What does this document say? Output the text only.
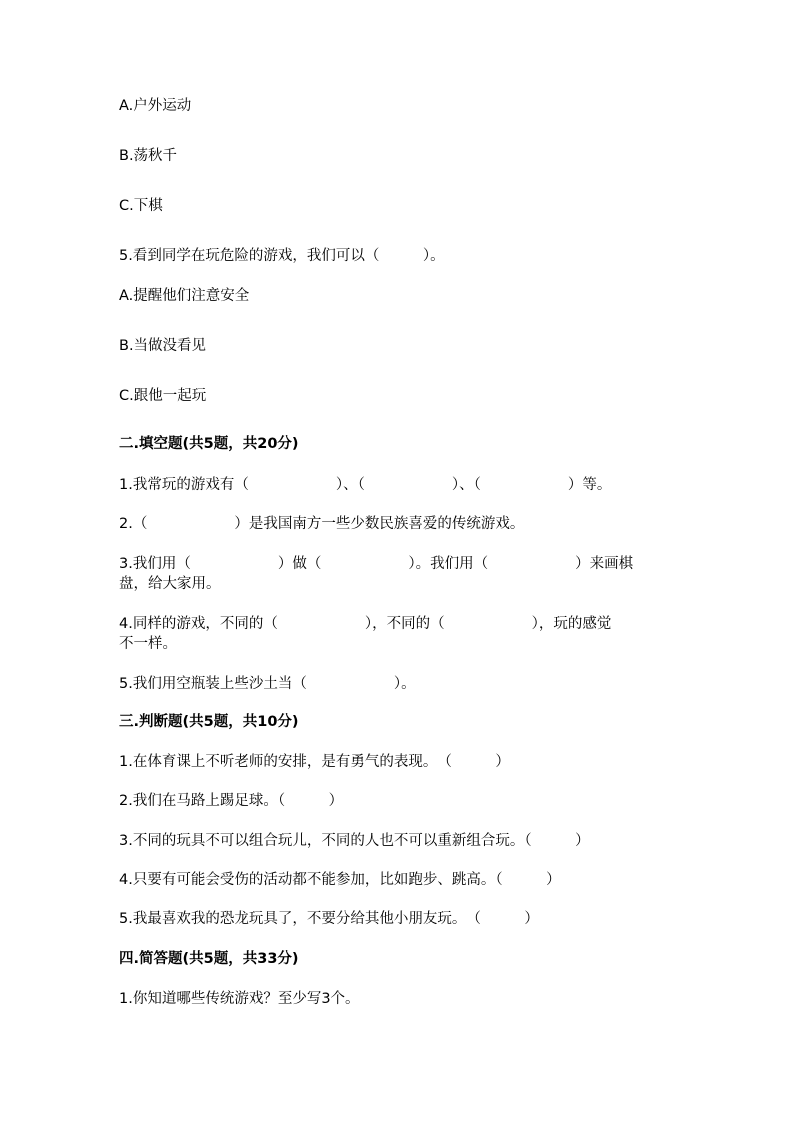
A.户外运动
B.荡秋千
C.下棋
5.看到同学在玩危险的游戏，我们可以（　　　）。
A.提醒他们注意安全
B.当做没看见
C.跟他一起玩
二.填空题(共5题，共20分)
1.我常玩的游戏有（　　　　　　）、（　　　　　　）、（　　　　　　）等。
2.（　　　　　　）是我国南方一些少数民族喜爱的传统游戏。
3.我们用（　　　　　　）做（　　　　　　）。我们用（　　　　　　）来画棋
盘，给大家用。
4.同样的游戏，不同的（　　　　　　），不同的（　　　　　　），玩的感觉
不一样。
5.我们用空瓶装上些沙土当（　　　　　　）。
三.判断题(共5题，共10分)
1.在体育课上不听老师的安排，是有勇气的表现。　（　　　）
2.我们在马路上踢足球。（　　　）
3.不同的玩具不可以组合玩儿，不同的人也不可以重新组合玩。（　　　）
4.只要有可能会受伤的活动都不能参加，比如跑步、跳高。（　　　）
5.我最喜欢我的恐龙玩具了，不要分给其他小朋友玩。　（　　　）
四.简答题(共5题，共33分)
1.你知道哪些传统游戏？至少写3个。
